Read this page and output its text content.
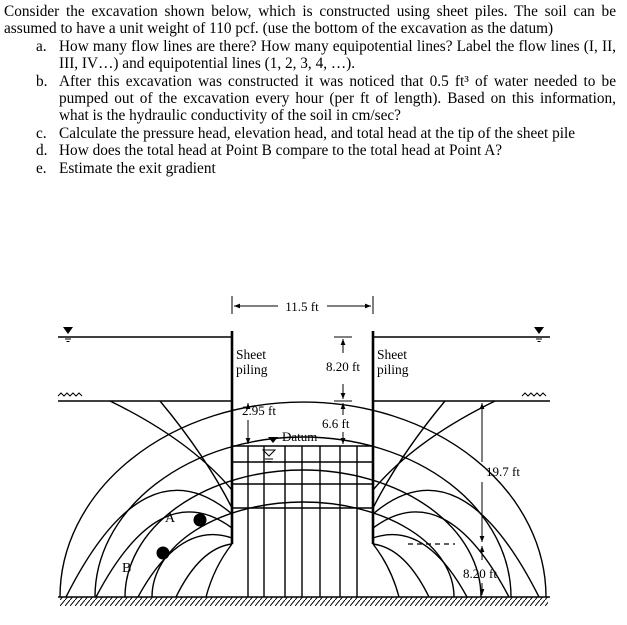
Consider the excavation shown below, which is constructed using sheet piles. The soil can be assumed to have a unit weight of 110 pcf. (use the bottom of the excavation as the datum)
a. How many flow lines are there? How many equipotential lines? Label the flow lines (I, II, III, IV…) and equipotential lines (1, 2, 3, 4, …).
b. After this excavation was constructed it was noticed that 0.5 ft³ of water needed to be pumped out of the excavation every hour (per ft of length). Based on this information, what is the hydraulic conductivity of the soil in cm/sec?
c. Calculate the pressure head, elevation head, and total head at the tip of the sheet pile
d. How does the total head at Point B compare to the total head at Point A?
e. Estimate the exit gradient
11.5 ft
8.20 ft
Sheet
piling
Sheet
piling
2.95 ft
Datum
6.6 ft
19.7 ft
8.20 ft
A
B
